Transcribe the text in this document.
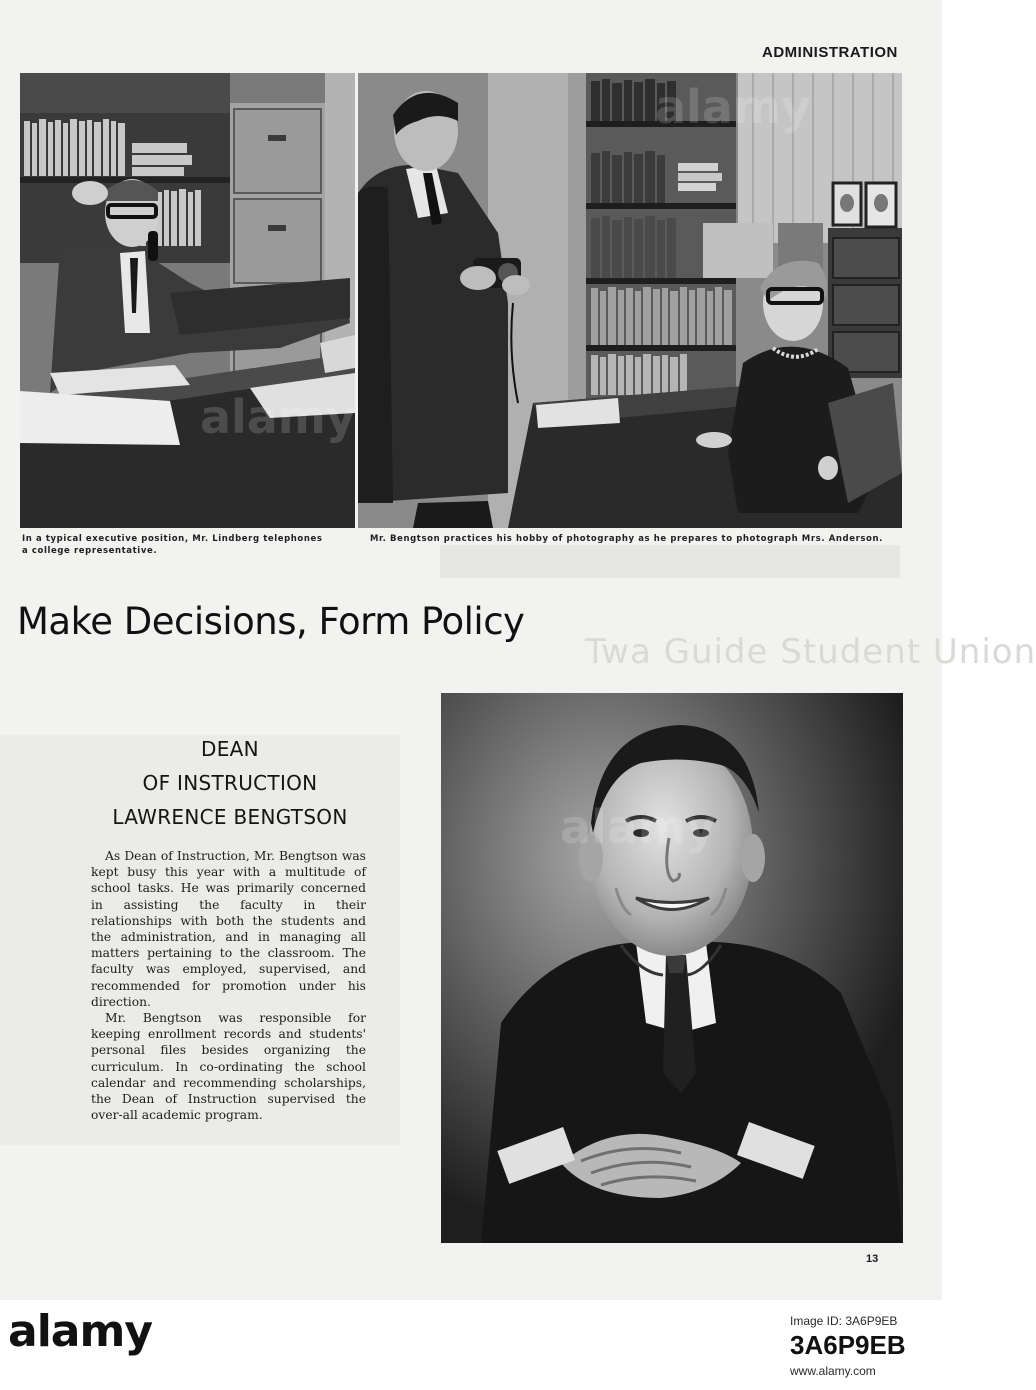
Twa Guide Student Union
ADMINISTRATION
In a typical executive position, Mr. Lindberg telephones
a college representative.
Mr. Bengtson practices his hobby of photography as he prepares to photograph Mrs. Anderson.
Make Decisions, Form Policy
DEAN
OF INSTRUCTION
LAWRENCE BENGTSON

As Dean of Instruction, Mr. Bengtson was kept busy this year with a multitude of school tasks. He was primarily concerned in assisting the faculty in their relationships with both the students and the administration, and in managing all matters pertaining to the classroom. The faculty was employed, supervised, and recommended for promotion under his direction.

Mr. Bengtson was responsible for keeping enrollment records and students' personal files besides organizing the curriculum. In co-ordinating the school calendar and recommending scholarships, the Dean of Instruction supervised the over-all academic program.

13
alamy	Image ID: 3A6P9EB
3A6P9EB
www.alamy.com
